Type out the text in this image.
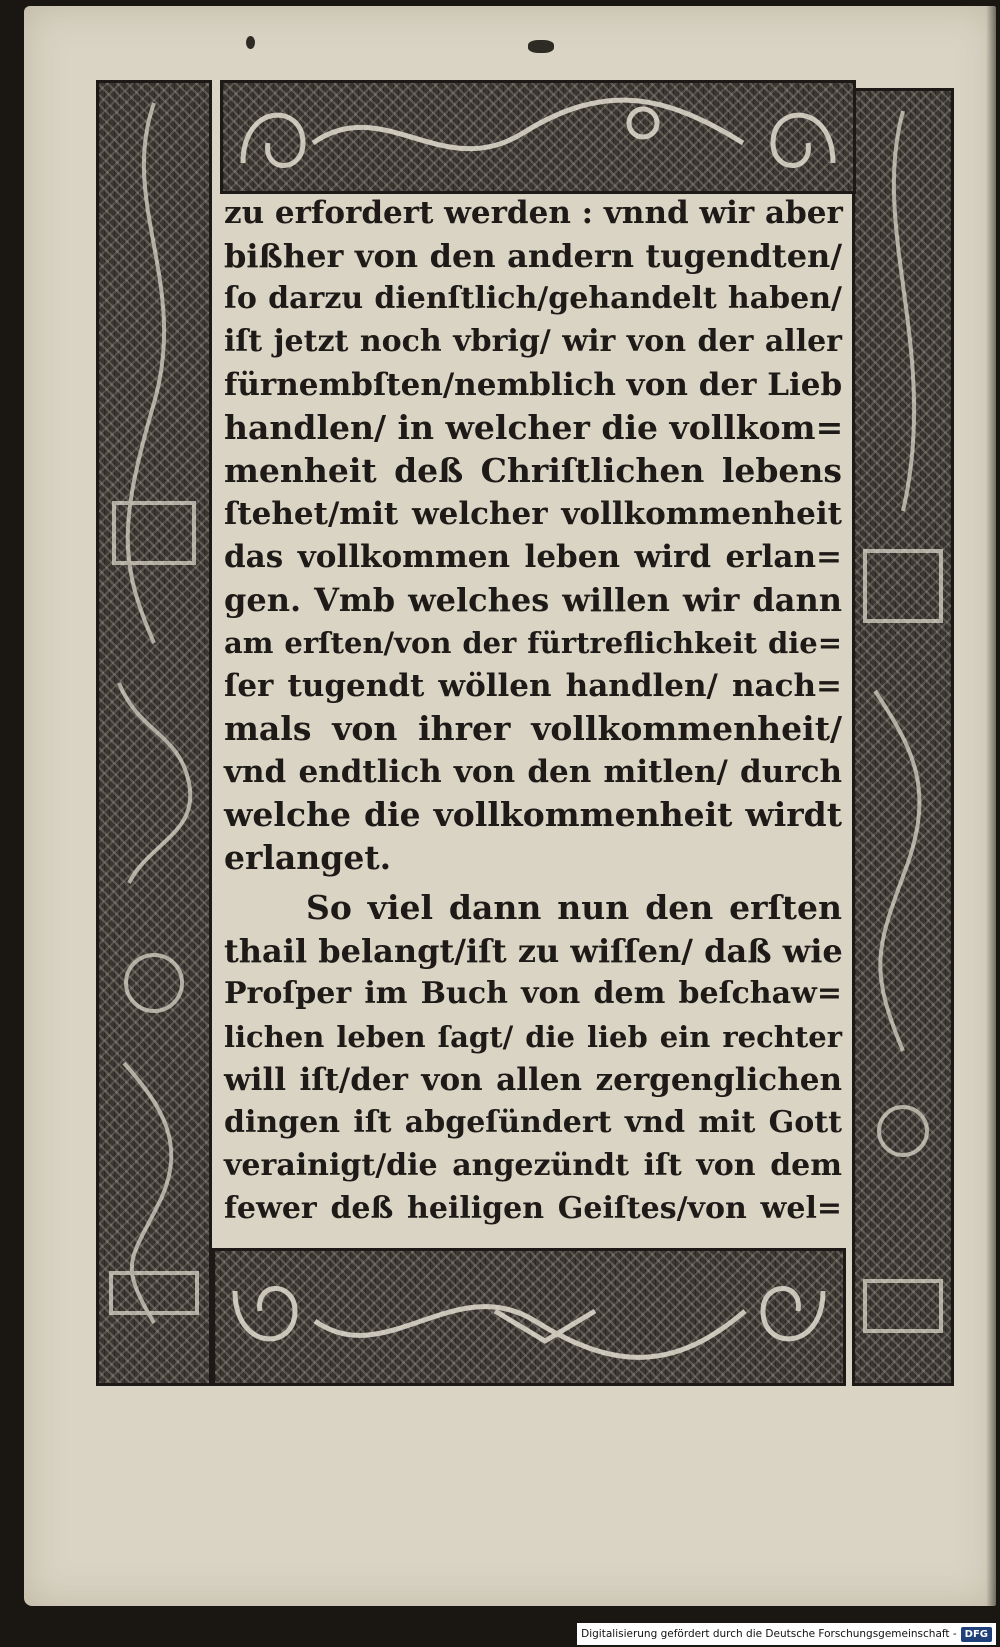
zu erfordert werden : vnnd wir aber
bißher von den andern tugendten/
ſo darzu dienſtlich/gehandelt haben/
iſt jetzt noch vbrig/ wir von der aller
fürnembſten/nemblich von der Lieb
handlen/ in welcher die vollkom=
menheit deß Chriſtlichen lebens
ſtehet/mit welcher vollkommenheit
das vollkommen leben wird erlan=
gen. Vmb welches willen wir dann
am erſten/von der fürtreflichkeit die=
ſer tugendt wöllen handlen/ nach=
mals von ihrer vollkommenheit/
vnd endtlich von den mitlen/ durch
welche die vollkommenheit wirdt
erlanget.
So viel dann nun den erſten
thail belangt/iſt zu wiſſen/ daß wie
Proſper im Buch von dem beſchaw=
lichen leben ſagt/ die lieb ein rechter
will iſt/der von allen zergenglichen
dingen iſt abgeſündert vnd mit Gott
verainigt/die angezündt iſt von dem
fewer deß heiligen Geiſtes/von wel=
Digitalisierung gefördert durch die Deutsche Forschungsgemeinschaft - DFG
